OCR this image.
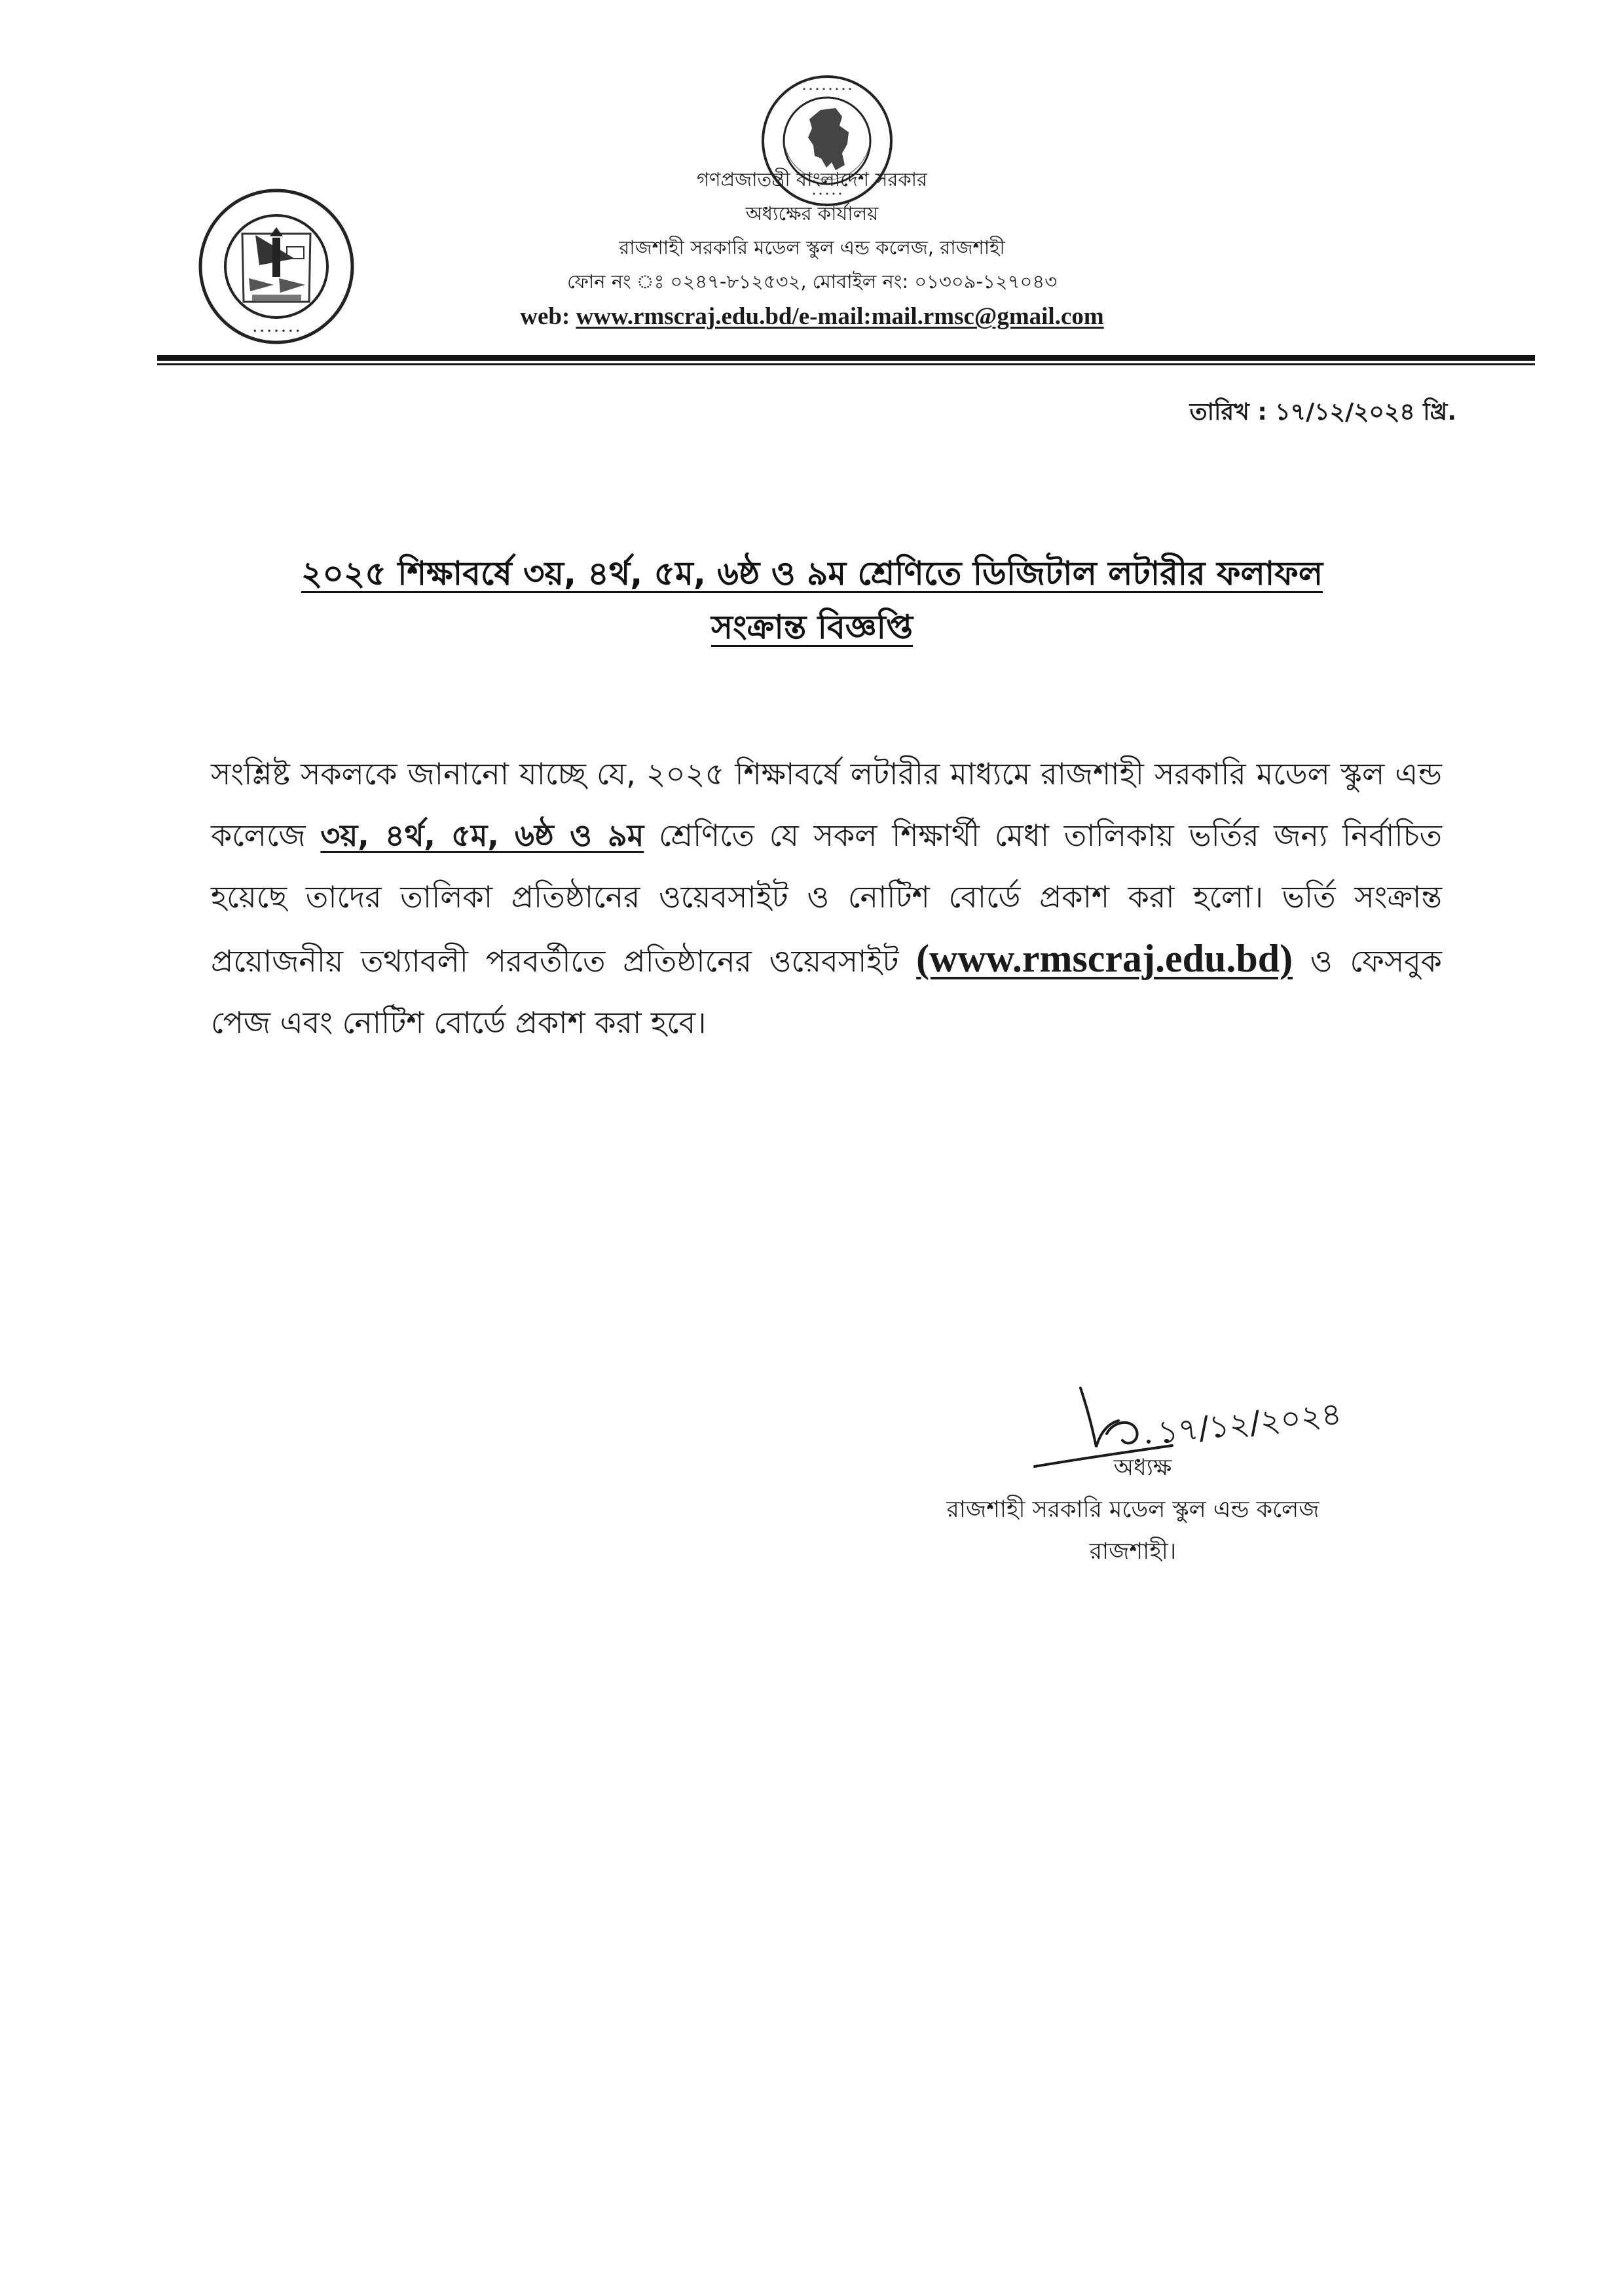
• • • • • • • •
• • • • •
• • • • • • •
গণপ্রজাতন্ত্রী বাংলাদেশ সরকার
অধ্যক্ষের কার্যালয়
রাজশাহী সরকারি মডেল স্কুল এন্ড কলেজ, রাজশাহী
ফোন নং ঃ ০২৪৭-৮১২৫৩২, মোবাইল নং: ০১৩০৯-১২৭০৪৩
web: www.rmscraj.edu.bd/e-mail:mail.rmsc@gmail.com
তারিখ : ১৭/১২/২০২৪ খ্রি.
২০২৫ শিক্ষাবর্ষে ৩য়, ৪র্থ, ৫ম, ৬ষ্ঠ ও ৯ম শ্রেণিতে ডিজিটাল লটারীর ফলাফল
সংক্রান্ত বিজ্ঞপ্তি
সংশ্লিষ্ট সকলকে জানানো যাচ্ছে যে, ২০২৫ শিক্ষাবর্ষে লটারীর মাধ্যমে রাজশাহী সরকারি মডেল স্কুল এন্ড কলেজে ৩য়, ৪র্থ, ৫ম, ৬ষ্ঠ ও ৯ম শ্রেণিতে যে সকল শিক্ষার্থী মেধা তালিকায় ভর্তির জন্য নির্বাচিত হয়েছে তাদের তালিকা প্রতিষ্ঠানের ওয়েবসাইট ও নোটিশ বোর্ডে প্রকাশ করা হলো। ভর্তি সংক্রান্ত প্রয়োজনীয় তথ্যাবলী পরবর্তীতে প্রতিষ্ঠানের ওয়েবসাইট (www.rmscraj.edu.bd) ও ফেসবুক পেজ এবং নোটিশ বোর্ডে প্রকাশ করা হবে।
১৭/১২/২০২৪
অধ্যক্ষ
রাজশাহী সরকারি মডেল স্কুল এন্ড কলেজ
রাজশাহী।
